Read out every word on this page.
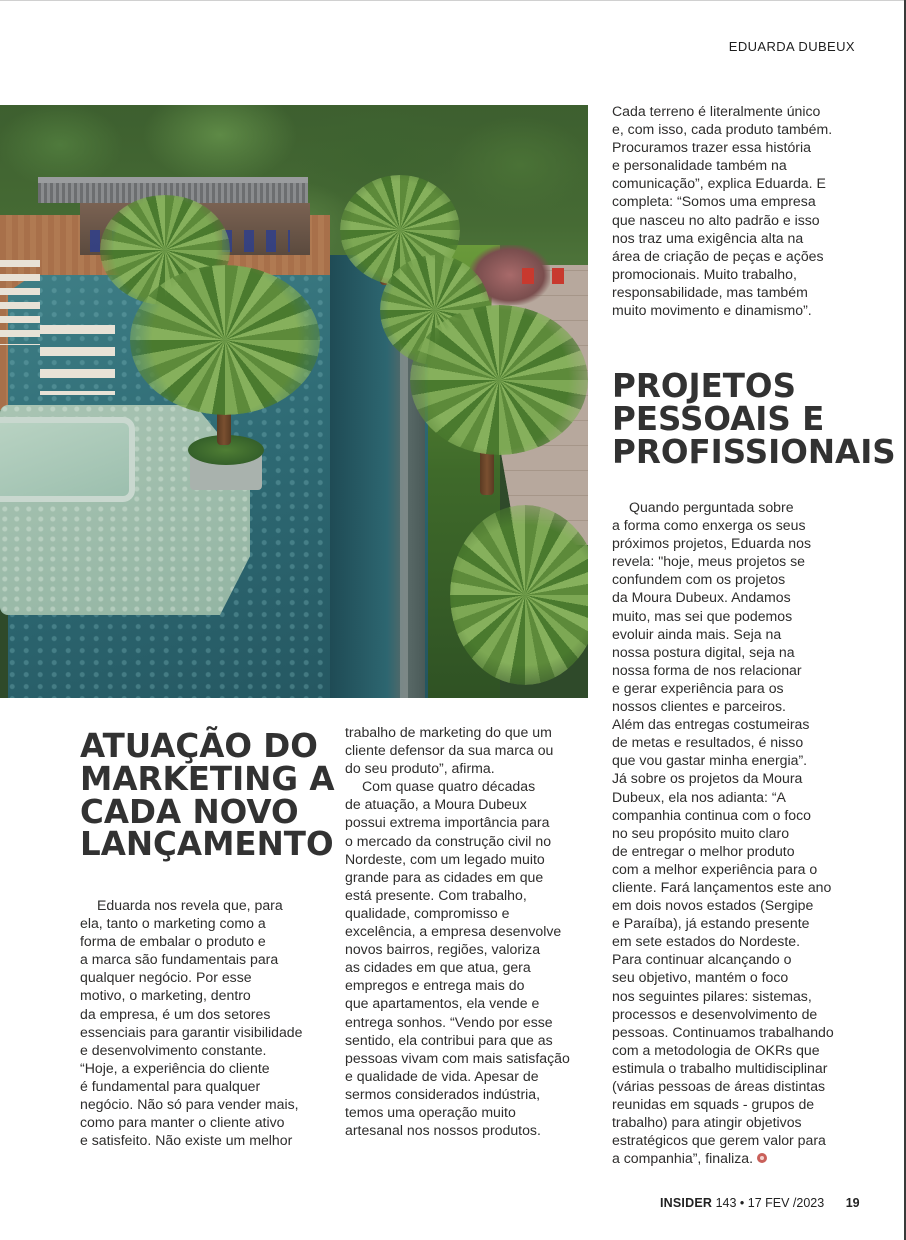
EDUARDA DUBEUX
ATUAÇÃO DO
MARKETING A
CADA NOVO
LANÇAMENTO
PROJETOS
PESSOAIS E
PROFISSIONAIS
Eduarda nos revela que, para
ela, tanto o marketing como a
forma de embalar o produto e
a marca são fundamentais para
qualquer negócio. Por esse
motivo, o marketing, dentro
da empresa, é um dos setores
essenciais para garantir visibilidade
e desenvolvimento constante.
“Hoje, a experiência do cliente
é fundamental para qualquer
negócio. Não só para vender mais,
como para manter o cliente ativo
e satisfeito. Não existe um melhor
trabalho de marketing do que um
cliente defensor da sua marca ou
do seu produto”, afirma.
Com quase quatro décadas
de atuação, a Moura Dubeux
possui extrema importância para
o mercado da construção civil no
Nordeste, com um legado muito
grande para as cidades em que
está presente. Com trabalho,
qualidade, compromisso e
excelência, a empresa desenvolve
novos bairros, regiões, valoriza
as cidades em que atua, gera
empregos e entrega mais do
que apartamentos, ela vende e
entrega sonhos. “Vendo por esse
sentido, ela contribui para que as
pessoas vivam com mais satisfação
e qualidade de vida. Apesar de
sermos considerados indústria,
temos uma operação muito
artesanal nos nossos produtos.
Cada terreno é literalmente único
e, com isso, cada produto também.
Procuramos trazer essa história
e personalidade também na
comunicação”, explica Eduarda. E
completa: “Somos uma empresa
que nasceu no alto padrão e isso
nos traz uma exigência alta na
área de criação de peças e ações
promocionais. Muito trabalho,
responsabilidade, mas também
muito movimento e dinamismo”.
Quando perguntada sobre
a forma como enxerga os seus
próximos projetos, Eduarda nos
revela: "hoje, meus projetos se
confundem com os projetos
da Moura Dubeux. Andamos
muito, mas sei que podemos
evoluir ainda mais. Seja na
nossa postura digital, seja na
nossa forma de nos relacionar
e gerar experiência para os
nossos clientes e parceiros.
Além das entregas costumeiras
de metas e resultados, é nisso
que vou gastar minha energia”.
Já sobre os projetos da Moura
Dubeux, ela nos adianta: “A
companhia continua com o foco
no seu propósito muito claro
de entregar o melhor produto
com a melhor experiência para o
cliente. Fará lançamentos este ano
em dois novos estados (Sergipe
e Paraíba), já estando presente
em sete estados do Nordeste.
Para continuar alcançando o
seu objetivo, mantém o foco
nos seguintes pilares: sistemas,
processos e desenvolvimento de
pessoas. Continuamos trabalhando
com a metodologia de OKRs que
estimula o trabalho multidisciplinar
(várias pessoas de áreas distintas
reunidas em squads - grupos de
trabalho) para atingir objetivos
estratégicos que gerem valor para
a companhia”, finaliza.
INSIDER 143 • 17 FEV /2023 19
